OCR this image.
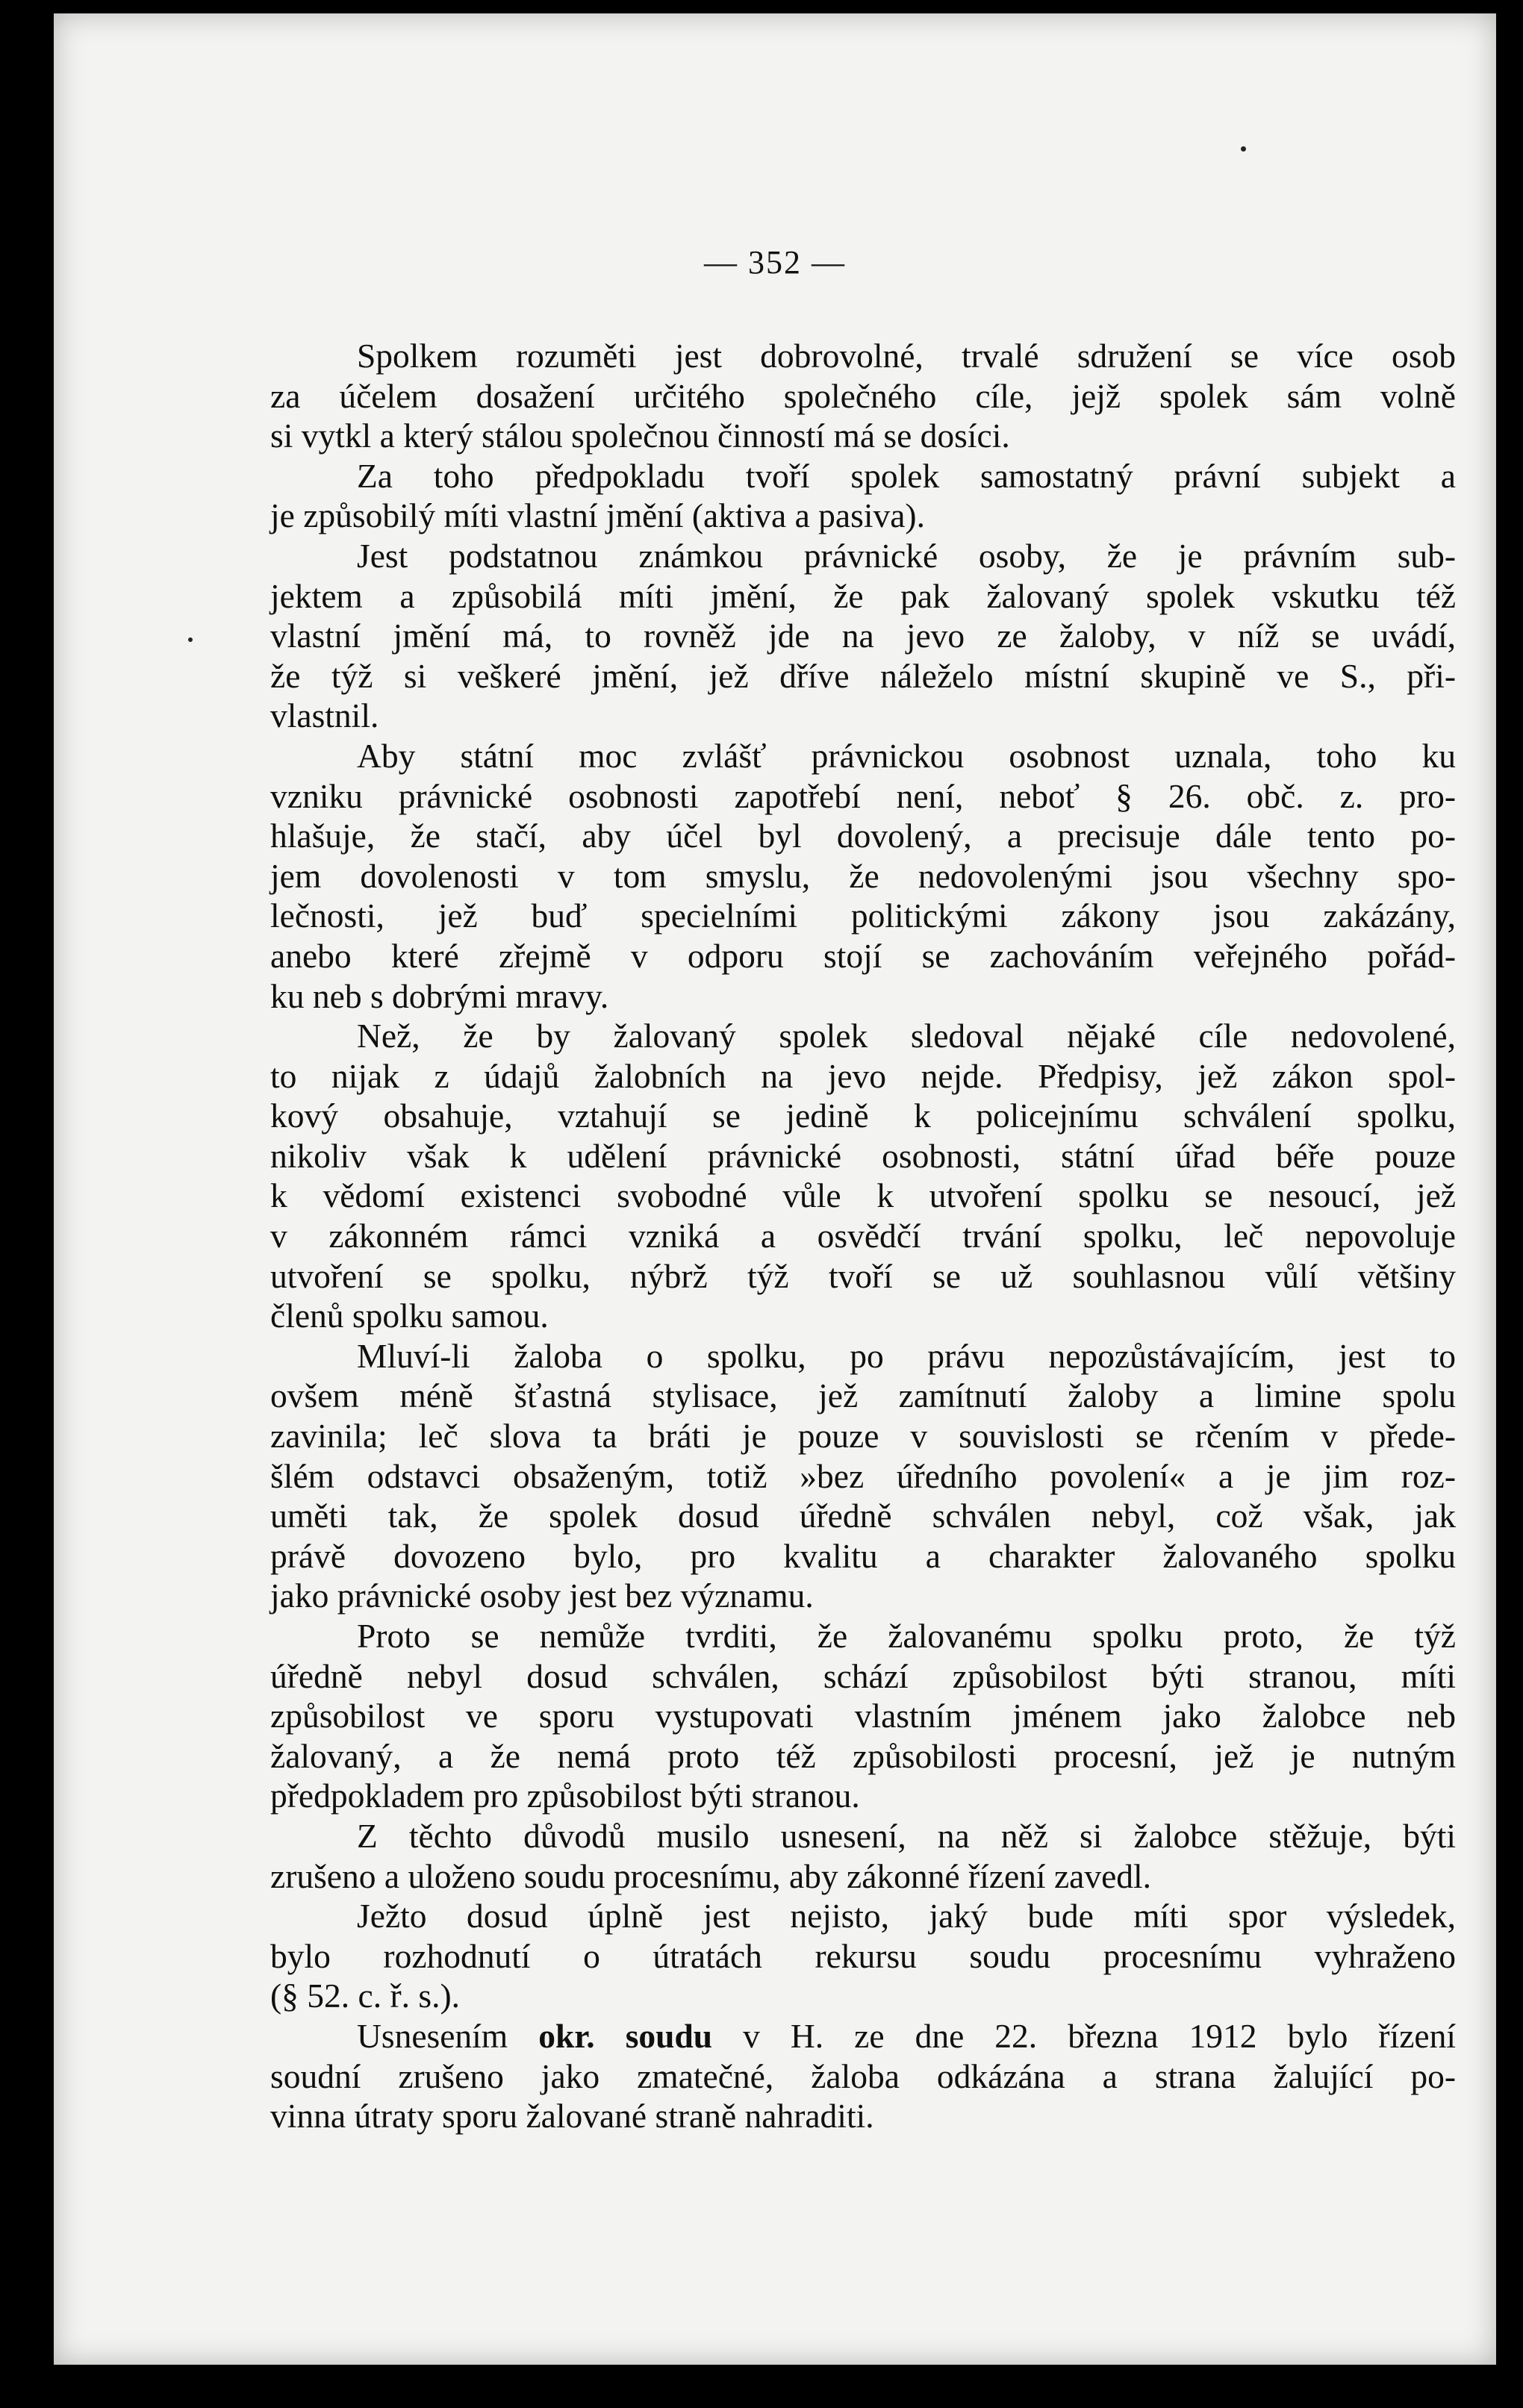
— 352 —

Spolkem rozuměti jest dobrovolné, trvalé sdružení se více osob
za účelem dosažení určitého společného cíle, jejž spolek sám volně
si vytkl a který stálou společnou činností má se dosíci.

Za toho předpokladu tvoří spolek samostatný právní subjekt a
je způsobilý míti vlastní jmění (aktiva a pasiva).

Jest podstatnou známkou právnické osoby, že je právním sub-
jektem a způsobilá míti jmění, že pak žalovaný spolek vskutku též
vlastní jmění má, to rovněž jde na jevo ze žaloby, v níž se uvádí,
že týž si veškeré jmění, jež dříve náleželo místní skupině ve S., při-
vlastnil.

Aby státní moc zvlášť právnickou osobnost uznala, toho ku
vzniku právnické osobnosti zapotřebí není, neboť § 26. obč. z. pro-
hlašuje, že stačí, aby účel byl dovolený, a precisuje dále tento po-
jem dovolenosti v tom smyslu, že nedovolenými jsou všechny spo-
lečnosti, jež buď specielními politickými zákony jsou zakázány,
anebo které zřejmě v odporu stojí se zachováním veřejného pořád-
ku neb s dobrými mravy.

Než, že by žalovaný spolek sledoval nějaké cíle nedovolené,
to nijak z údajů žalobních na jevo nejde. Předpisy, jež zákon spol-
kový obsahuje, vztahují se jedině k policejnímu schválení spolku,
nikoliv však k udělení právnické osobnosti, státní úřad béře pouze
k vědomí existenci svobodné vůle k utvoření spolku se nesoucí, jež
v zákonném rámci vzniká a osvědčí trvání spolku, leč nepovoluje
utvoření se spolku, nýbrž týž tvoří se už souhlasnou vůlí většiny
členů spolku samou.

Mluví-li žaloba o spolku, po právu nepozůstávajícím, jest to
ovšem méně šťastná stylisace, jež zamítnutí žaloby a limine spolu
zavinila; leč slova ta bráti je pouze v souvislosti se rčením v přede-
šlém odstavci obsaženým, totiž »bez úředního povolení« a je jim roz-
uměti tak, že spolek dosud úředně schválen nebyl, což však, jak
právě dovozeno bylo, pro kvalitu a charakter žalovaného spolku
jako právnické osoby jest bez významu.

Proto se nemůže tvrditi, že žalovanému spolku proto, že týž
úředně nebyl dosud schválen, schází způsobilost býti stranou, míti
způsobilost ve sporu vystupovati vlastním jménem jako žalobce neb
žalovaný, a že nemá proto též způsobilosti procesní, jež je nutným
předpokladem pro způsobilost býti stranou.

Z těchto důvodů musilo usnesení, na něž si žalobce stěžuje, býti
zrušeno a uloženo soudu procesnímu, aby zákonné řízení zavedl.

Ježto dosud úplně jest nejisto, jaký bude míti spor výsledek,
bylo rozhodnutí o útratách rekursu soudu procesnímu vyhraženo
(§ 52. c. ř. s.).

Usnesením okr. soudu v H. ze dne 22. března 1912 bylo řízení
soudní zrušeno jako zmatečné, žaloba odkázána a strana žalující po-
vinna útraty sporu žalované straně nahraditi.
